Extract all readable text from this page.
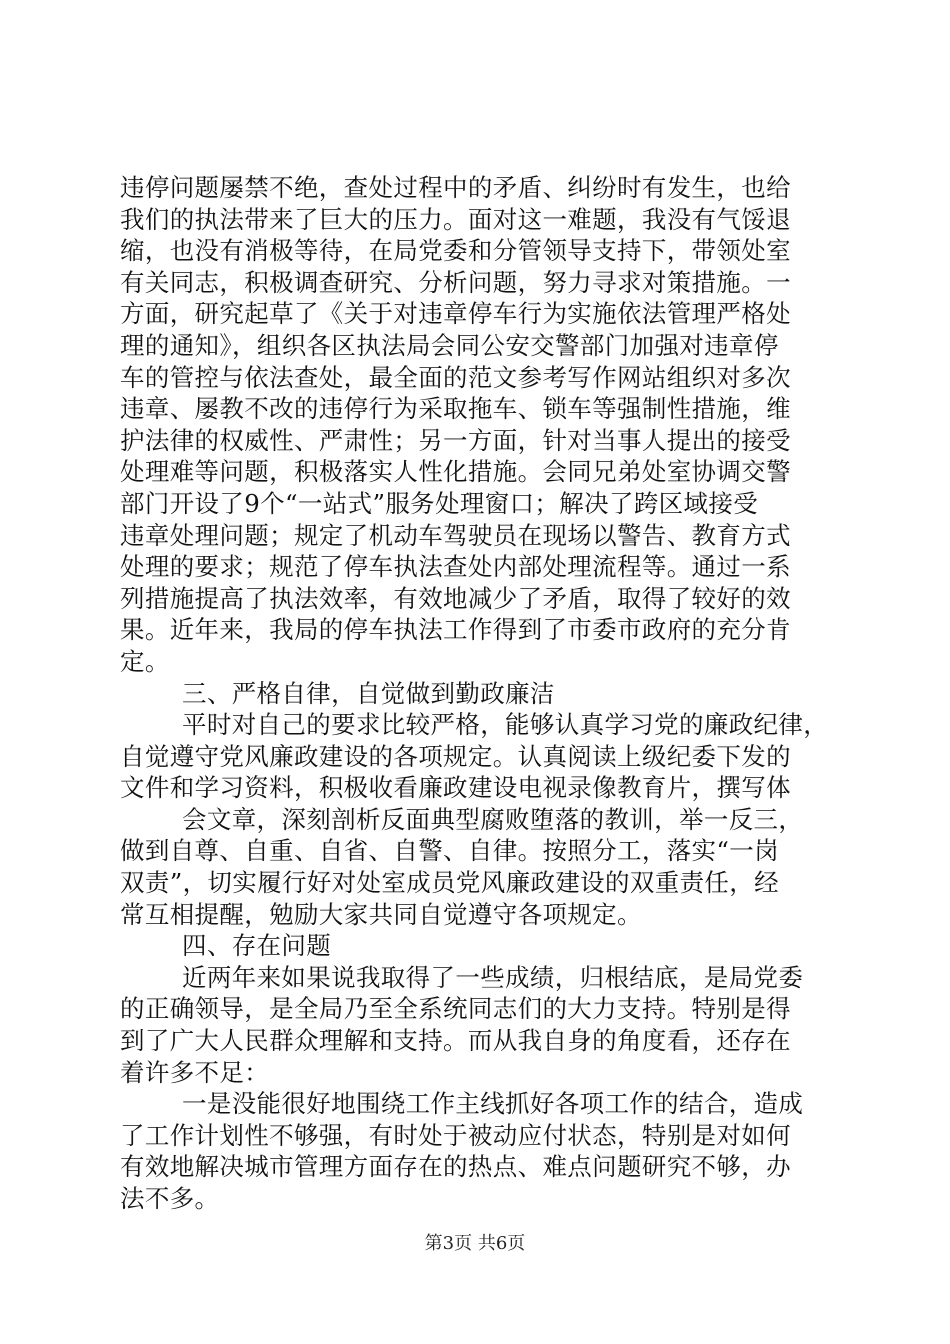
违停问题屡禁不绝，查处过程中的矛盾、纠纷时有发生，也给
我们的执法带来了巨大的压力。面对这一难题，我没有气馁退
缩，也没有消极等待，在局党委和分管领导支持下，带领处室
有关同志，积极调查研究、分析问题，努力寻求对策措施。一
方面，研究起草了《关于对违章停车行为实施依法管理严格处
理的通知》，组织各区执法局会同公安交警部门加强对违章停
车的管控与依法查处，最全面的范文参考写作网站组织对多次
违章、屡教不改的违停行为采取拖车、锁车等强制性措施，维
护法律的权威性、严肃性；另一方面，针对当事人提出的接受
处理难等问题，积极落实人性化措施。会同兄弟处室协调交警
部门开设了9个“一站式”服务处理窗口；解决了跨区域接受
违章处理问题；规定了机动车驾驶员在现场以警告、教育方式
处理的要求；规范了停车执法查处内部处理流程等。通过一系
列措施提高了执法效率，有效地减少了矛盾，取得了较好的效
果。近年来，我局的停车执法工作得到了市委市政府的充分肯
定。
三、严格自律，自觉做到勤政廉洁
平时对自己的要求比较严格，能够认真学习党的廉政纪律，
自觉遵守党风廉政建设的各项规定。认真阅读上级纪委下发的
文件和学习资料，积极收看廉政建设电视录像教育片，撰写体
会文章，深刻剖析反面典型腐败堕落的教训，举一反三，
做到自尊、自重、自省、自警、自律。按照分工，落实“一岗
双责”，切实履行好对处室成员党风廉政建设的双重责任，经
常互相提醒，勉励大家共同自觉遵守各项规定。
四、存在问题
近两年来如果说我取得了一些成绩，归根结底，是局党委
的正确领导，是全局乃至全系统同志们的大力支持。特别是得
到了广大人民群众理解和支持。而从我自身的角度看，还存在
着许多不足：
一是没能很好地围绕工作主线抓好各项工作的结合，造成
了工作计划性不够强，有时处于被动应付状态，特别是对如何
有效地解决城市管理方面存在的热点、难点问题研究不够，办
法不多。
第3页 共6页
